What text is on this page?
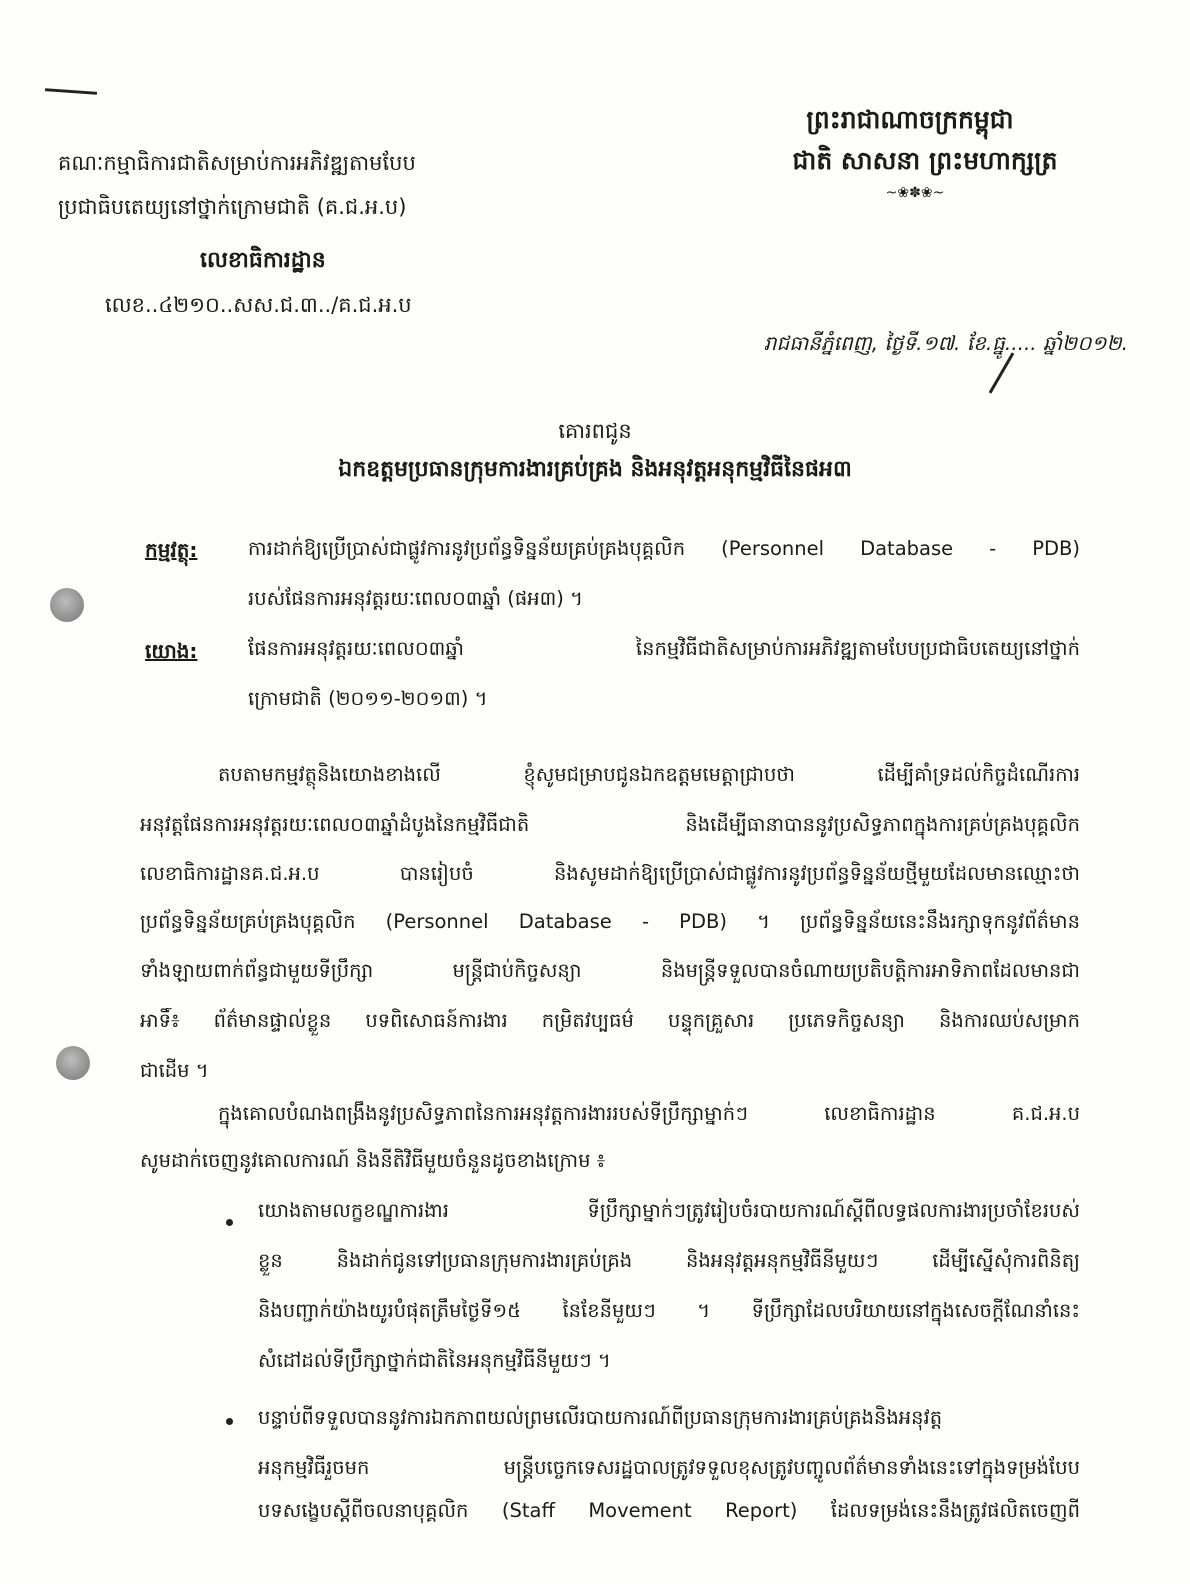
ព្រះរាជាណាចក្រកម្ពុជា
ជាតិ សាសនា ព្រះមហាក្សត្រ
~❀✽❀~
គណៈកម្មាធិការជាតិសម្រាប់ការអភិវឌ្ឍតាមបែប
ប្រជាធិបតេយ្យនៅថ្នាក់ក្រោមជាតិ (គ.ជ.អ.ប)
លេខាធិការដ្ឋាន
លេខ..៤២១០..សស.ជ.៣../គ.ជ.អ.ប
រាជធានីភ្នំពេញ, ថ្ងៃទី.១៧. ខែ.ធ្នូ..... ឆ្នាំ២០១២.
គោរពជូន
ឯកឧត្តមប្រធានក្រុមការងារគ្រប់គ្រង និងអនុវត្តអនុកម្មវិធីនៃផអ៣
កម្មវត្ថុ:	ការដាក់ឱ្យប្រើប្រាស់ជាផ្លូវការនូវប្រព័ន្ធទិន្នន័យគ្រប់គ្រងបុគ្គលិក (Personnel Database - PDB)
របស់ផែនការអនុវត្តរយៈពេល០៣ឆ្នាំ (ផអ៣) ។
យោង:	ផែនការអនុវត្តរយៈពេល០៣ឆ្នាំ នៃកម្មវិធីជាតិសម្រាប់ការអភិវឌ្ឍតាមបែបប្រជាធិបតេយ្យនៅថ្នាក់
ក្រោមជាតិ (២០១១-២០១៣) ។
តបតាមកម្មវត្ថុនិងយោងខាងលើ ខ្ញុំសូមជម្រាបជូនឯកឧត្តមមេត្តាជ្រាបថា ដើម្បីគាំទ្រដល់កិច្ចដំណើរការ
អនុវត្តផែនការអនុវត្តរយៈពេល០៣ឆ្នាំដំបូងនៃកម្មវិធីជាតិ និងដើម្បីធានាបាននូវប្រសិទ្ធភាពក្នុងការគ្រប់គ្រងបុគ្គលិក
លេខាធិការដ្ឋានគ.ជ.អ.ប បានរៀបចំ និងសូមដាក់ឱ្យប្រើប្រាស់ជាផ្លូវការនូវប្រព័ន្ធទិន្នន័យថ្មីមួយដែលមានឈ្មោះថា
ប្រព័ន្ធទិន្នន័យគ្រប់គ្រងបុគ្គលិក (Personnel Database - PDB) ។ ប្រព័ន្ធទិន្នន័យនេះនឹងរក្សាទុកនូវព័ត៌មាន
ទាំងឡាយពាក់ព័ន្ធជាមួយទីប្រឹក្សា មន្ត្រីជាប់កិច្ចសន្យា និងមន្ត្រីទទួលបានចំណាយប្រតិបត្តិការអាទិភាពដែលមានជា
អាទិ៍៖ ព័ត៌មានផ្ទាល់ខ្លួន បទពិសោធន៍ការងារ កម្រិតវប្បធម៌ បន្ទុកគ្រួសារ ប្រភេទកិច្ចសន្យា និងការឈប់សម្រាក
ជាដើម ។
ក្នុងគោលបំណងពង្រឹងនូវប្រសិទ្ធភាពនៃការអនុវត្តការងាររបស់ទីប្រឹក្សាម្នាក់ៗ លេខាធិការដ្ឋាន គ.ជ.អ.ប
សូមដាក់ចេញនូវគោលការណ៍ និងនីតិវិធីមួយចំនួនដូចខាងក្រោម ៖
យោងតាមលក្ខខណ្ឌការងារ ទីប្រឹក្សាម្នាក់ៗត្រូវរៀបចំរបាយការណ៍ស្តីពីលទ្ធផលការងារប្រចាំខែរបស់
ខ្លួន និងដាក់ជូនទៅប្រធានក្រុមការងារគ្រប់គ្រង និងអនុវត្តអនុកម្មវិធីនីមួយៗ ដើម្បីស្នើសុំការពិនិត្យ
និងបញ្ជាក់យ៉ាងយូរបំផុតត្រឹមថ្ងៃទី១៥ នៃខែនីមួយៗ ។ ទីប្រឹក្សាដែលបរិយាយនៅក្នុងសេចក្តីណែនាំនេះ
សំដៅដល់ទីប្រឹក្សាថ្នាក់ជាតិនៃអនុកម្មវិធីនីមួយៗ ។
បន្ទាប់ពីទទួលបាននូវការឯកភាពយល់ព្រមលើរបាយការណ៍ពីប្រធានក្រុមការងារគ្រប់គ្រងនិងអនុវត្ត
អនុកម្មវិធីរួចមក មន្ត្រីបច្ចេកទេសរដ្ឋបាលត្រូវទទួលខុសត្រូវបញ្ចូលព័ត៌មានទាំងនេះទៅក្នុងទម្រង់បែប
បទសង្ខេបស្តីពីចលនាបុគ្គលិក (Staff Movement Report) ដែលទម្រង់នេះនឹងត្រូវផលិតចេញពី
